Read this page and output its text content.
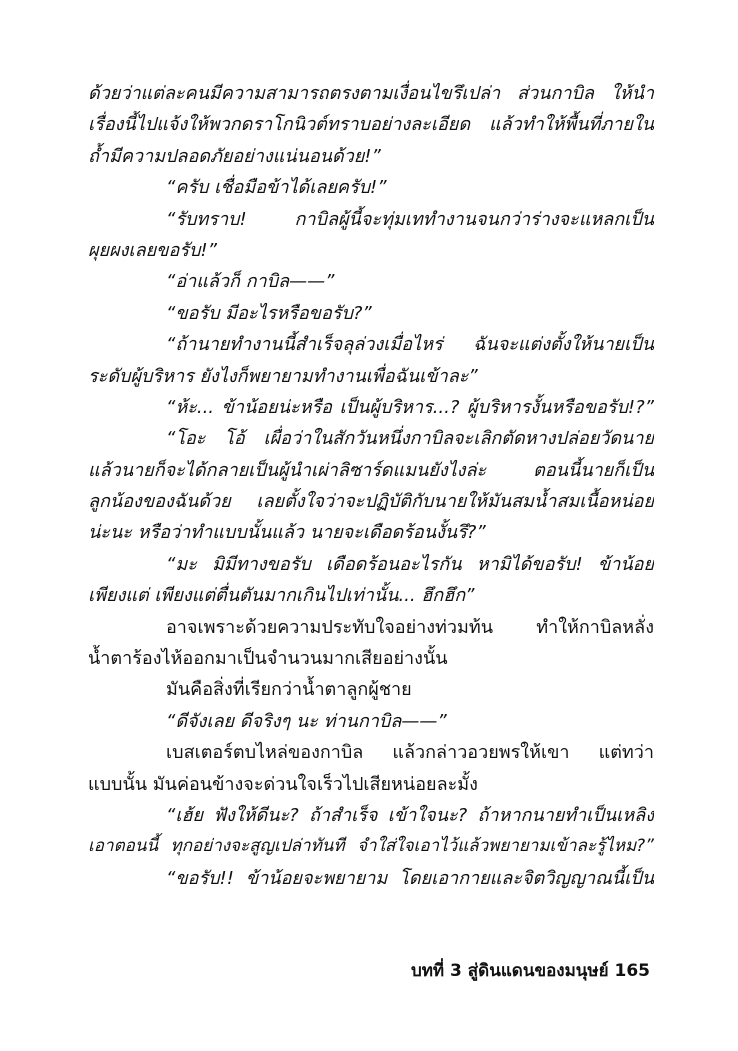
ด้วยว่าแต่ละคนมีความสามารถตรงตามเงื่อนไขรึเปล่า ส่วนกาบิล ให้นำ
เรื่องนี้ไปแจ้งให้พวกดราโกนิวต์ทราบอย่างละเอียด แล้วทำให้พื้นที่ภายใน
ถ้ำมีความปลอดภัยอย่างแน่นอนด้วย!”
“ครับ เชื่อมือข้าได้เลยครับ!”
“รับทราบ! กาบิลผู้นี้จะทุ่มเททำงานจนกว่าร่างจะแหลกเป็น
ผุยผงเลยขอรับ!”
“อ่าแล้วก็ กาบิล——”
“ขอรับ มีอะไรหรือขอรับ?”
“ถ้านายทำงานนี้สำเร็จลุล่วงเมื่อไหร่ ฉันจะแต่งตั้งให้นายเป็น
ระดับผู้บริหาร ยังไงก็พยายามทำงานเพื่อฉันเข้าละ”
“ห้ะ... ข้าน้อยน่ะหรือ เป็นผู้บริหาร...? ผู้บริหารงั้นหรือขอรับ!?”
“โอะ โอ้ เผื่อว่าในสักวันหนึ่งกาบิลจะเลิกตัดหางปล่อยวัดนาย
แล้วนายก็จะได้กลายเป็นผู้นำเผ่าลิซาร์ดแมนยังไงล่ะ ตอนนี้นายก็เป็น
ลูกน้องของฉันด้วย เลยตั้งใจว่าจะปฏิบัติกับนายให้มันสมน้ำสมเนื้อหน่อย
น่ะนะ หรือว่าทำแบบนั้นแล้ว นายจะเดือดร้อนงั้นรึ?”
“มะ มิมีทางขอรับ เดือดร้อนอะไรกัน หามิได้ขอรับ! ข้าน้อย
เพียงแต่ เพียงแต่ตื่นตันมากเกินไปเท่านั้น... ฮึกฮึก”
อาจเพราะด้วยความประทับใจอย่างท่วมท้น ทำให้กาบิลหลั่ง
น้ำตาร้องไห้ออกมาเป็นจำนวนมากเสียอย่างนั้น
มันคือสิ่งที่เรียกว่าน้ำตาลูกผู้ชาย
“ดีจังเลย ดีจริงๆ นะ ท่านกาบิล——”
เบสเตอร์ตบไหล่ของกาบิล แล้วกล่าวอวยพรให้เขา แต่ทว่า
แบบนั้น มันค่อนข้างจะด่วนใจเร็วไปเสียหน่อยละมั้ง
“เฮ้ย ฟังให้ดีนะ? ถ้าสำเร็จ เข้าใจนะ? ถ้าหากนายทำเป็นเหลิง
เอาตอนนี้ ทุกอย่างจะสูญเปล่าทันที จำใส่ใจเอาไว้แล้วพยายามเข้าละรู้ไหม?”
“ขอรับ!! ข้าน้อยจะพยายาม โดยเอากายและจิตวิญญาณนี้เป็น
บทที่ 3 สู่ดินแดนของมนุษย์ 165
